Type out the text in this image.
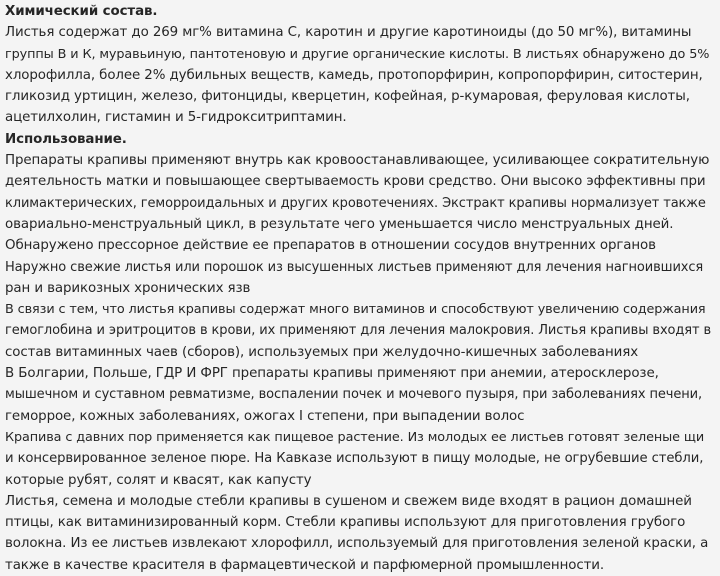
Химический состав.
Листья содержат до 269 мг% витамина С, каротин и другие каротиноиды (до 50 мг%), витамины
группы В и К, муравьиную, пантотеновую и другие органические кислоты. В листьях обнаружено до 5%
хлорофилла, более 2% дубильных веществ, камедь, протопорфирин, копропорфирин, ситостерин,
гликозид уртицин, железо, фитонциды, кверцетин, кофейная, р-кумаровая, феруловая кислоты,
ацетилхолин, гистамин и 5-гидрокситриптамин.
Использование.
Препараты крапивы применяют внутрь как кровоостанавливающее, усиливающее сократительную
деятельность матки и повышающее свертываемость крови средство. Они высоко эффективны при
климактерических, геморроидальных и других кровотечениях. Экстракт крапивы нормализует также
овариально-менструальный цикл, в результате чего уменьшается число менструальных дней.
Обнаружено прессорное действие ее препаратов в отношении сосудов внутренних органов
Наружно свежие листья или порошок из высушенных листьев применяют для лечения нагноившихся
ран и варикозных хронических язв
В связи с тем, что листья крапивы содержат много витаминов и способствуют увеличению содержания
гемоглобина и эритроцитов в крови, их применяют для лечения малокровия. Листья крапивы входят в
состав витаминных чаев (сборов), используемых при желудочно-кишечных заболеваниях
В Болгарии, Польше, ГДР И ФРГ препараты крапивы применяют при анемии, атеросклерозе,
мышечном и суставном ревматизме, воспалении почек и мочевого пузыря, при заболеваниях печени,
геморрое, кожных заболеваниях, ожогах I степени, при выпадении волос
Крапива с давних пор применяется как пищевое растение. Из молодых ее листьев готовят зеленые щи
и консервированное зеленое пюре. На Кавказе используют в пищу молодые, не огрубевшие стебли,
которые рубят, солят и квасят, как капусту
Листья, семена и молодые стебли крапивы в сушеном и свежем виде входят в рацион домашней
птицы, как витаминизированный корм. Стебли крапивы используют для приготовления грубого
волокна. Из ее листьев извлекают хлорофилл, используемый для приготовления зеленой краски, а
также в качестве красителя в фармацевтической и парфюмерной промышленности.
